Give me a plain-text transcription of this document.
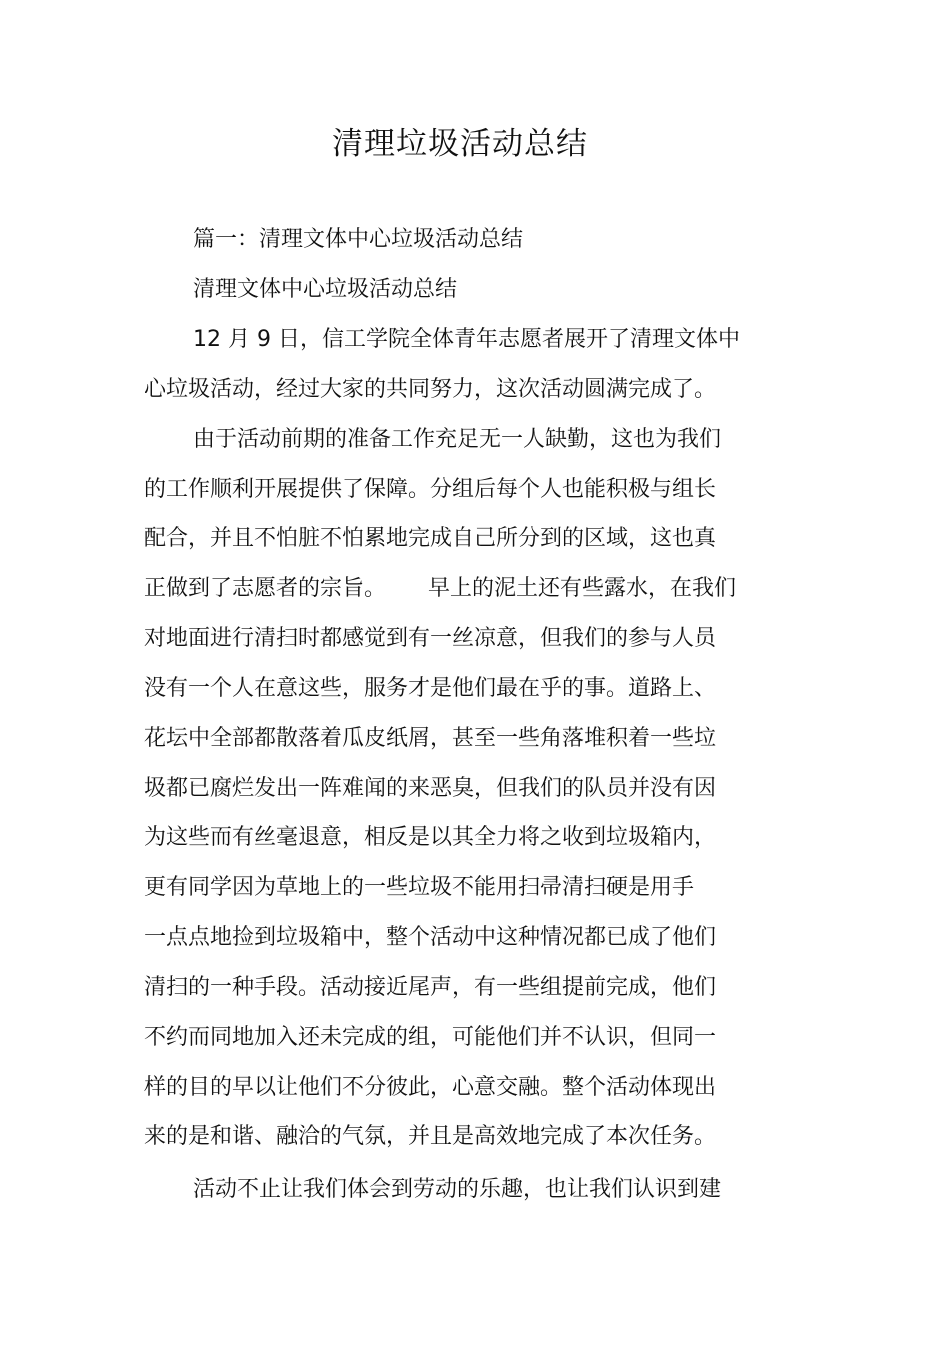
清理垃圾活动总结

篇一：清理文体中心垃圾活动总结

清理文体中心垃圾活动总结

12 月 9 日，信工学院全体青年志愿者展开了清理文体中

心垃圾活动，经过大家的共同努力，这次活动圆满完成了。

由于活动前期的准备工作充足无一人缺勤，这也为我们

的工作顺利开展提供了保障。分组后每个人也能积极与组长

配合，并且不怕脏不怕累地完成自己所分到的区域，这也真

正做到了志愿者的宗旨。      早上的泥土还有些露水，在我们

对地面进行清扫时都感觉到有一丝凉意，但我们的参与人员

没有一个人在意这些，服务才是他们最在乎的事。道路上、

花坛中全部都散落着瓜皮纸屑，甚至一些角落堆积着一些垃

圾都已腐烂发出一阵难闻的来恶臭，但我们的队员并没有因

为这些而有丝毫退意，相反是以其全力将之收到垃圾箱内，

更有同学因为草地上的一些垃圾不能用扫帚清扫硬是用手

一点点地捡到垃圾箱中，整个活动中这种情况都已成了他们

清扫的一种手段。活动接近尾声，有一些组提前完成，他们

不约而同地加入还未完成的组，可能他们并不认识，但同一

样的目的早以让他们不分彼此，心意交融。整个活动体现出

来的是和谐、融洽的气氛，并且是高效地完成了本次任务。

活动不止让我们体会到劳动的乐趣，也让我们认识到建
